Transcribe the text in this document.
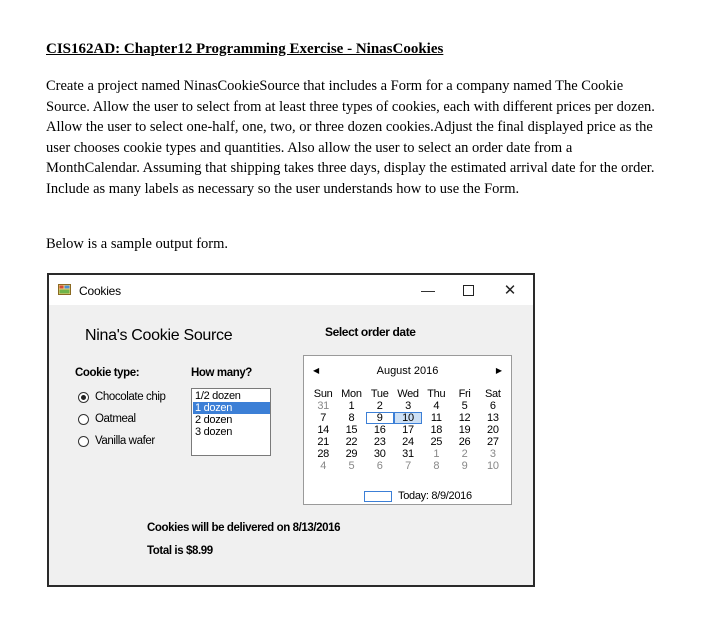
CIS162AD: Chapter12 Programming Exercise - NinasCookies

Create a project named NinasCookieSource that includes a Form for a company named The Cookie Source. Allow the user to select from at least three types of cookies, each with different prices per dozen. Allow the user to select one-half, one, two, or three dozen cookies.Adjust the final displayed price as the user chooses cookie types and quantities. Also allow the user to select an order date from a MonthCalendar. Assuming that shipping takes three days, display the estimated arrival date for the order. Include as many labels as necessary so the user understands how to use the Form.

Below is a sample output form.
Cookies	—	✕
Nina's Cookie Source	Select order date
Cookie type:	How many?
Chocolate chip
Oatmeal
Vanilla wafer
1/2 dozen
1 dozen
2 dozen
3 dozen
◀	August 2016	▶
Sun Mon Tue Wed Thu	Fri	Sat
31	1	2	3	4	5	6
7	8	9	10	11	12	13
14	15	16	17	18	19	20
21	22	23	24	25	26	27
28	29	30	31	1	2	3
4	5	6	7	8	9	10
Today: 8/9/2016
Cookies will be delivered on 8/13/2016
Total is $8.99
